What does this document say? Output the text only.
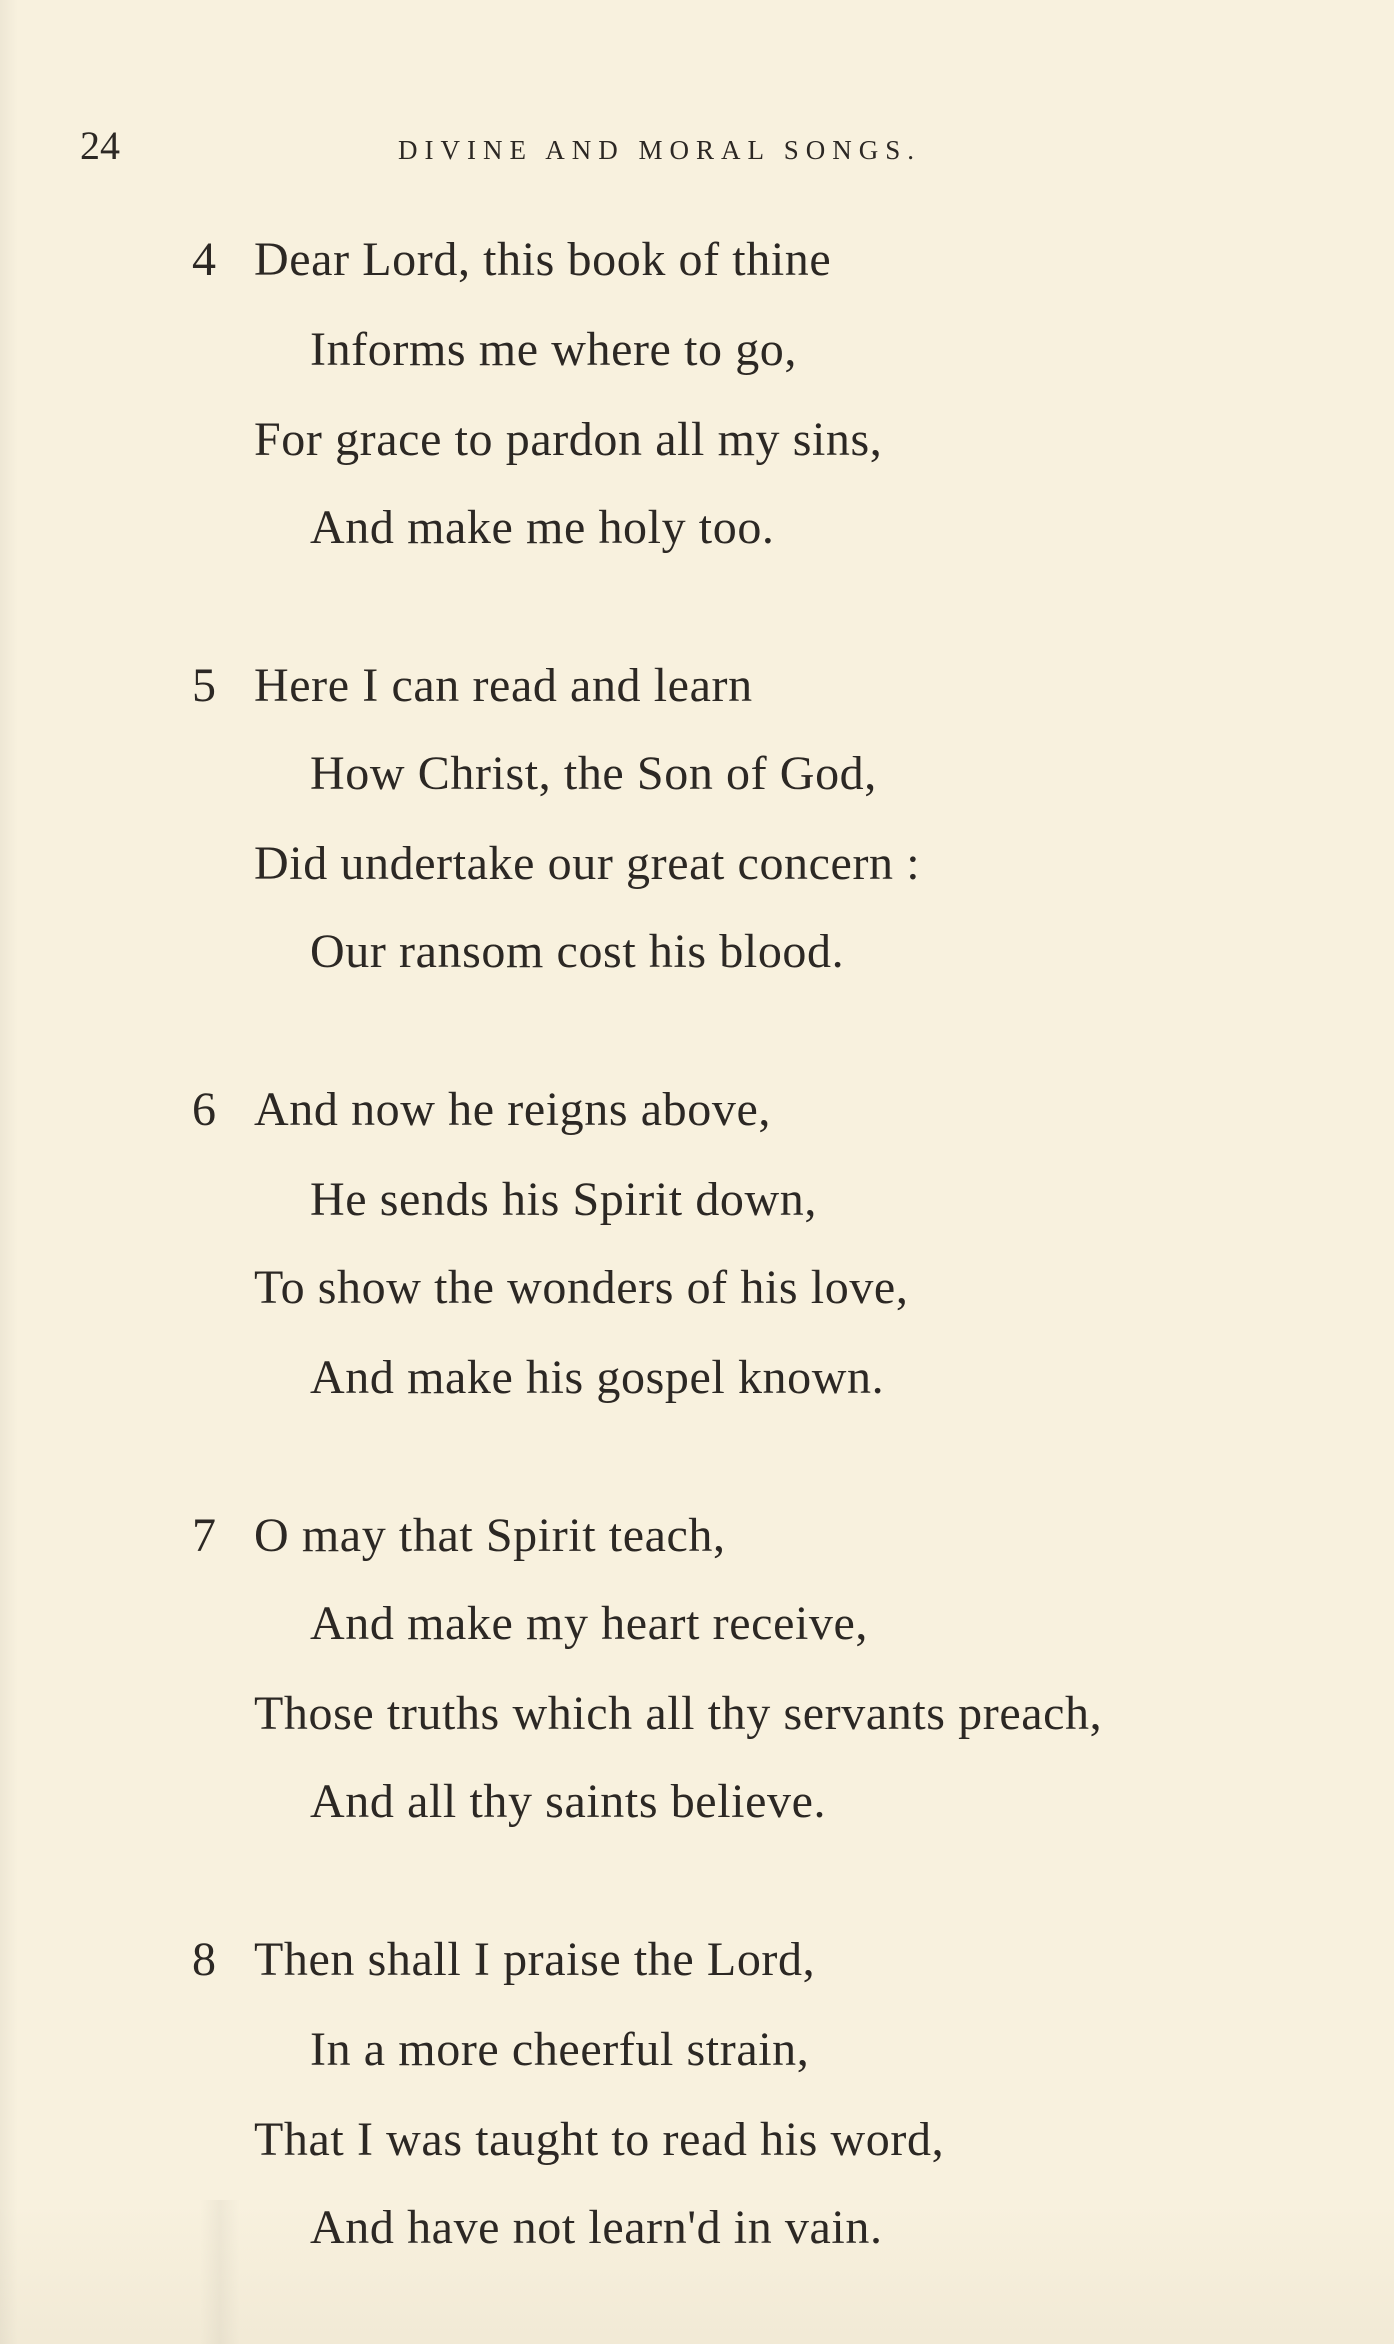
24	DIVINE AND MORAL SONGS.
4 Dear Lord, this book of thine
Informs me where to go,
For grace to pardon all my sins,
And make me holy too.
5 Here I can read and learn
How Christ, the Son of God,
Did undertake our great concern :
Our ransom cost his blood.
6 And now he reigns above,
He sends his Spirit down,
To show the wonders of his love,
And make his gospel known.
7 O may that Spirit teach,
And make my heart receive,
Those truths which all thy servants preach,
And all thy saints believe.
8 Then shall I praise the Lord,
In a more cheerful strain,
That I was taught to read his word,
And have not learn'd in vain.
